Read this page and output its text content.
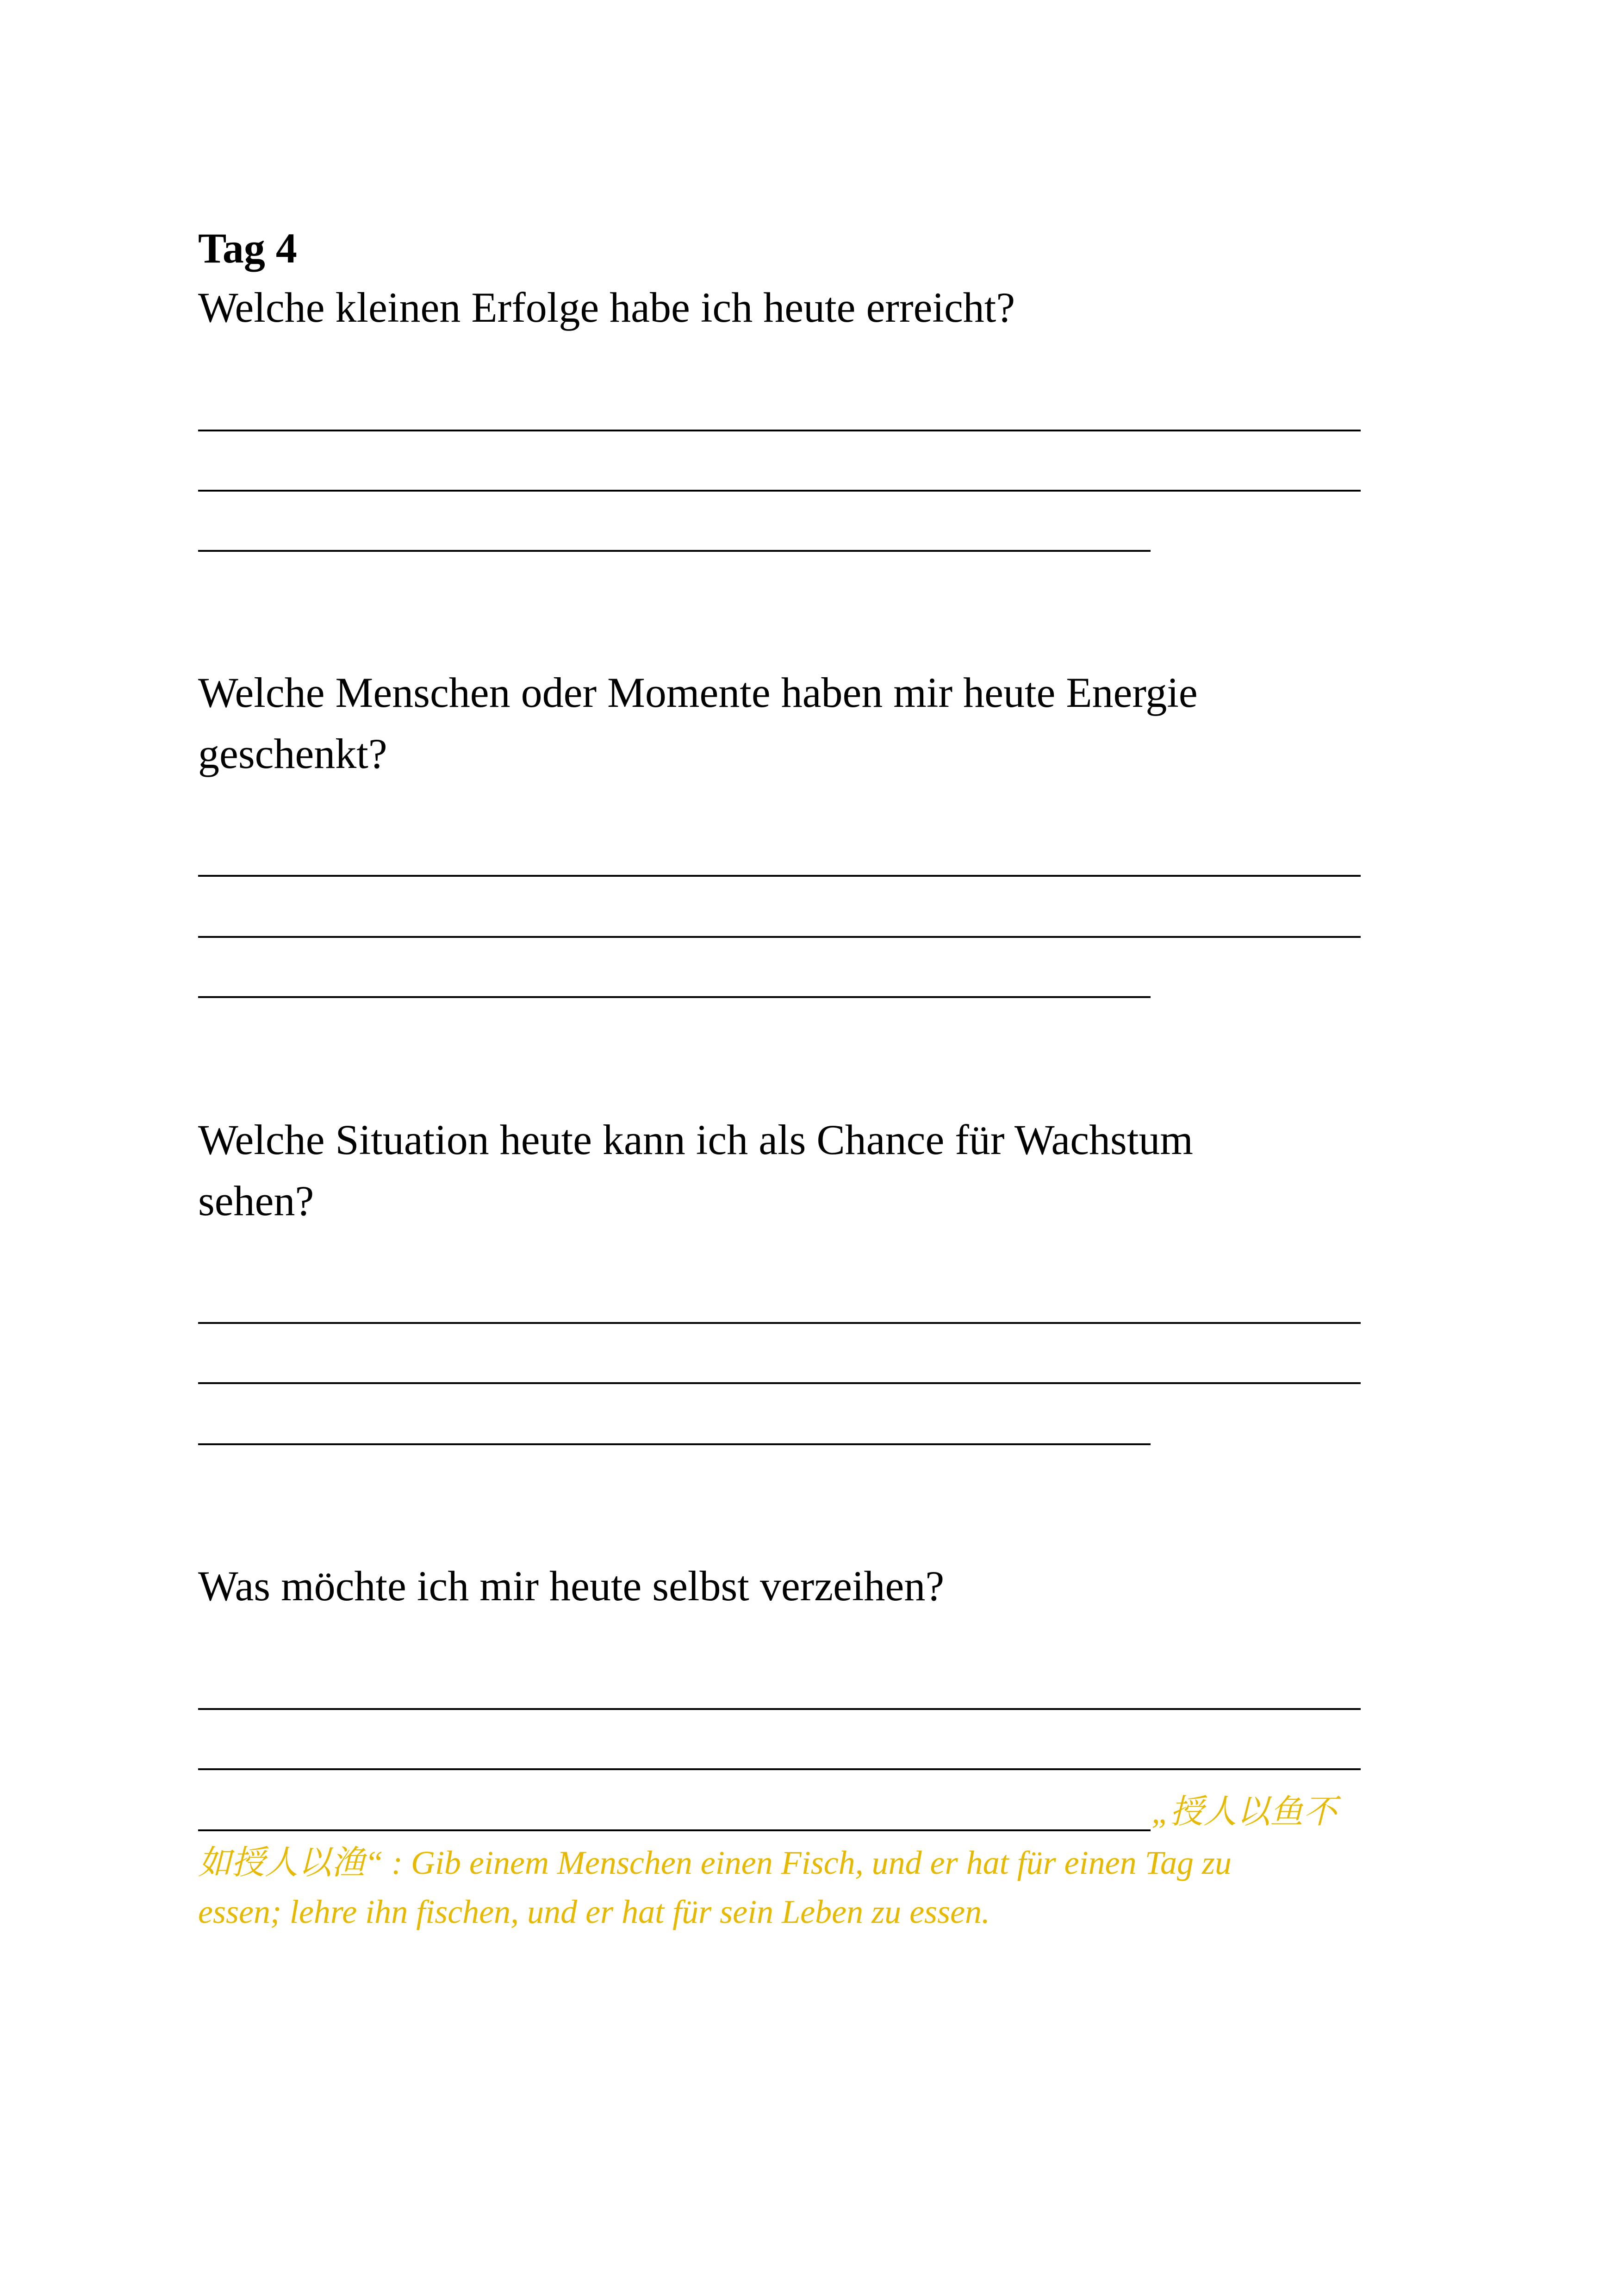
Tag 4
Welche kleinen Erfolge habe ich heute erreicht?
Welche Menschen oder Momente haben mir heute Energie
geschenkt?
Welche Situation heute kann ich als Chance für Wachstum
sehen?
Was möchte ich mir heute selbst verzeihen?
„授人以鱼不
如授人以渔“ : Gib einem Menschen einen Fisch, und er hat für einen Tag zu
essen; lehre ihn fischen, und er hat für sein Leben zu essen.
